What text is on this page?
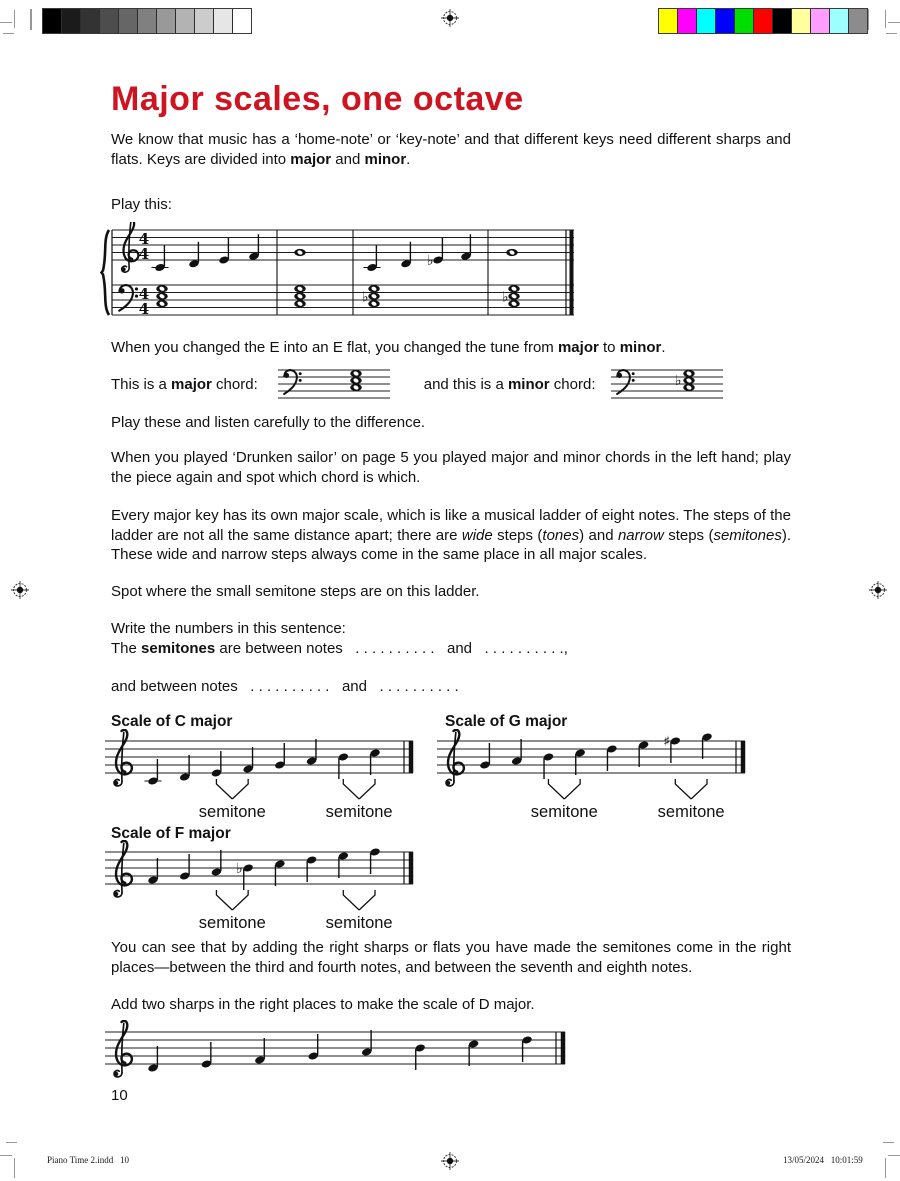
Major scales, one octave

We know that music has a ‘home-note’ or ‘key-note’ and that different keys need different sharps and flats. Keys are divided into major and minor.

Play this:

4
4
4
4
♭
♭	♭

When you changed the E into an E flat, you changed the tune from major to minor.

This is a major chord:	and this is a minor chord:	♭

Play these and listen carefully to the difference.

When you played ‘Drunken sailor’ on page 5 you played major and minor chords in the left hand; play the piece again and spot which chord is which.

Every major key has its own major scale, which is like a musical ladder of eight notes. The steps of the ladder are not all the same distance apart; there are wide steps (tones) and narrow steps (semitones). These wide and narrow steps always come in the same place in all major scales.

Spot where the small semitone steps are on this ladder.

Write the numbers in this sentence:

The semitones are between notes   . . . . . . . . . .   and   . . . . . . . . . .,

and between notes   . . . . . . . . . .   and   . . . . . . . . . .

Scale of C major	Scale of G major

semitone	semitone
♯
semitone	semitone

Scale of F major

♭
semitone	semitone

You can see that by adding the right sharps or flats you have made the semitones come in the right places—between the third and fourth notes, and between the seventh and eighth notes.

Add two sharps in the right places to make the scale of D major.

10

Piano Time 2.indd   10	13/05/2024   10:01:59
